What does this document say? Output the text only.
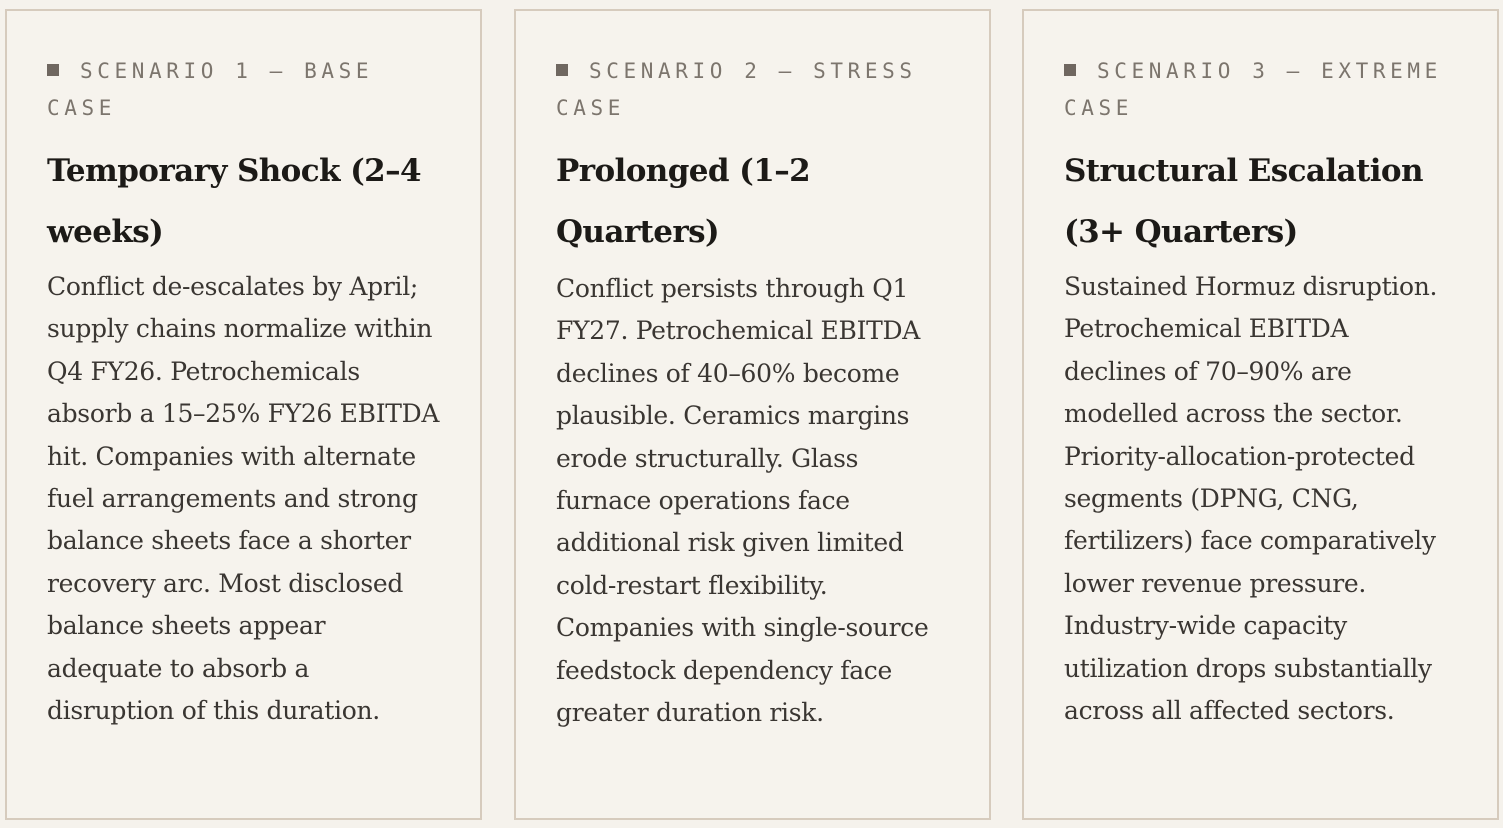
SCENARIO 1 — BASE CASE

Temporary Shock (2–4 weeks)

Conflict de-escalates by April; supply chains normalize within Q4 FY26. Petrochemicals absorb a 15–25% FY26 EBITDA hit. Companies with alternate fuel arrangements and strong balance sheets face a shorter recovery arc. Most disclosed balance sheets appear adequate to absorb a disruption of this duration.

SCENARIO 2 — STRESS CASE

Prolonged (1–2 Quarters)

Conflict persists through Q1 FY27. Petrochemical EBITDA declines of 40–60% become plausible. Ceramics margins erode structurally. Glass furnace operations face additional risk given limited cold-restart flexibility. Companies with single-source feedstock dependency face greater duration risk.

SCENARIO 3 — EXTREME CASE

Structural Escalation (3+ Quarters)

Sustained Hormuz disruption. Petrochemical EBITDA declines of 70–90% are modelled across the sector. Priority-allocation-protected segments (DPNG, CNG, fertilizers) face comparatively lower revenue pressure. Industry-wide capacity utilization drops substantially across all affected sectors.
